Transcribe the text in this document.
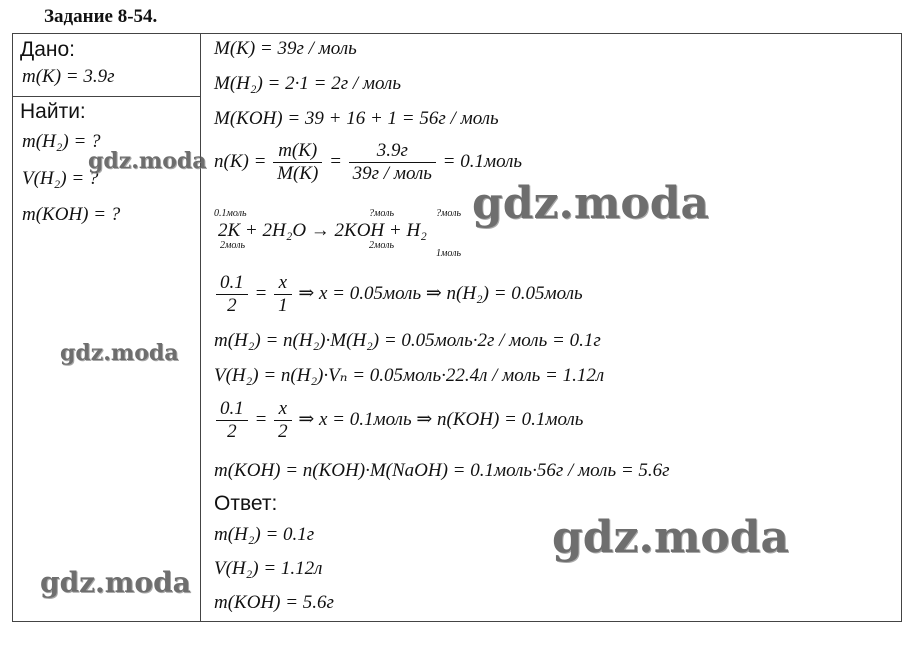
Задание 8-54.
Дано:
m(K) = 3.9г
Найти:
m(H₂) = ?
V(H₂) = ?
m(KOH) = ?
M(K) = 39г / моль
M(H₂) = 2·1 = 2г / моль
M(KOH) = 39 + 16 + 1 = 56г / моль
$n(K) = \frac{m(K)}{M(K)} = \frac{3.9г}{\text{39г / моль}}$ = 0.1моль
0.1моль	?моль	?моль
2K + 2H₂O → 2KOH + H₂
2моль	2моль
1моль
$\frac{0.1}{2} = \frac{x}{1}$ ⇒ x = 0.05моль ⇒ n(H₂) = 0.05моль
m(H₂) = n(H₂)·M(H₂) = 0.05моль·2г / моль = 0.1г
V(H₂) = n(H₂)·Vₙ = 0.05моль·22.4л / моль = 1.12л
$\frac{0.1}{2} = \frac{x}{2}$ ⇒ x = 0.1моль ⇒ n(KOH) = 0.1моль
m(KOH) = n(KOH)·M(NaOH) = 0.1моль·56г / моль = 5.6г
Ответ:
m(H₂) = 0.1г
V(H₂) = 1.12л
m(KOH) = 5.6г
gdz.moda
gdz.moda
gdz.moda
gdz.moda
gdz.moda
